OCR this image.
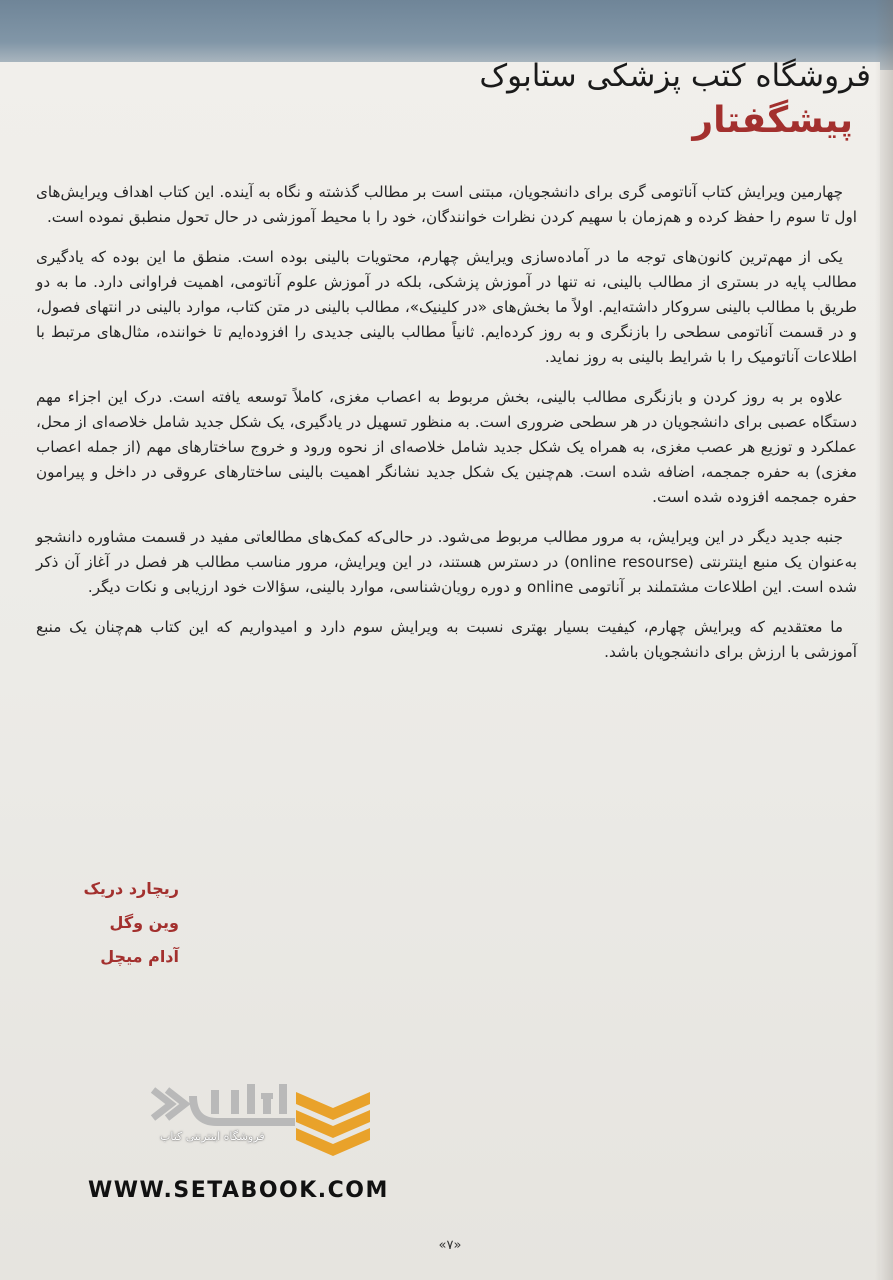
فروشگاه کتب پزشکی ستابوک
پیشگفتار

چهارمین ویرایش کتاب آناتومی گری برای دانشجویان، مبتنی است بر مطالب گذشته و نگاه به آینده. این کتاب اهداف ویرایش‌های اول تا سوم را حفظ کرده و هم‌زمان با سهیم کردن نظرات خوانندگان، خود را با محیط آموزشی در حال تحول منطبق نموده است.

یکی از مهم‌ترین کانون‌های توجه ما در آماده‌سازی ویرایش چهارم، محتویات بالینی بوده است. منطق ما این بوده که یادگیری مطالب پایه در بستری از مطالب بالینی، نه تنها در آموزش پزشکی، بلکه در آموزش علوم آناتومی، اهمیت فراوانی دارد. ما به دو طریق با مطالب بالینی سروکار داشته‌ایم. اولاً ما بخش‌های «در کلینیک»، مطالب بالینی در متن کتاب، موارد بالینی در انتهای فصول، و در قسمت آناتومی سطحی را بازنگری و به روز کرده‌ایم. ثانیاً مطالب بالینی جدیدی را افزوده‌ایم تا خواننده، مثال‌های مرتبط با اطلاعات آناتومیک را با شرایط بالینی به روز نماید.

علاوه بر به روز کردن و بازنگری مطالب بالینی، بخش مربوط به اعصاب مغزی، کاملاً توسعه یافته است. درک این اجزاء مهم دستگاه عصبی برای دانشجویان در هر سطحی ضروری است. به منظور تسهیل در یادگیری، یک شکل جدید شامل خلاصه‌ای از محل، عملکرد و توزیع هر عصب مغزی، به همراه یک شکل جدید شامل خلاصه‌ای از نحوه ورود و خروج ساختارهای مهم (از جمله اعصاب مغزی) به حفره جمجمه، اضافه شده است. هم‌چنین یک شکل جدید نشانگر اهمیت بالینی ساختارهای عروقی در داخل و پیرامون حفره جمجمه افزوده شده است.

جنبه جدید دیگر در این ویرایش، به مرور مطالب مربوط می‌شود. در حالی‌که کمک‌های مطالعاتی مفید در قسمت مشاوره دانشجو به‌عنوان یک منبع اینترنتی (online resourse) در دسترس هستند، در این ویرایش، مرور مناسب مطالب هر فصل در آغاز آن ذکر شده است. این اطلاعات مشتملند بر آناتومی online و دوره رویان‌شناسی، موارد بالینی، سؤالات خود ارزیابی و نکات دیگر.

ما معتقدیم که ویرایش چهارم، کیفیت بسیار بهتری نسبت به ویرایش سوم دارد و امیدواریم که این کتاب هم‌چنان یک منبع آموزشی با ارزش برای دانشجویان باشد.

ریچارد دریک
وین وگل
آدام میچل
فروشگاه اینترنتی کتاب
WWW.SETABOOK.COM
«۷»
